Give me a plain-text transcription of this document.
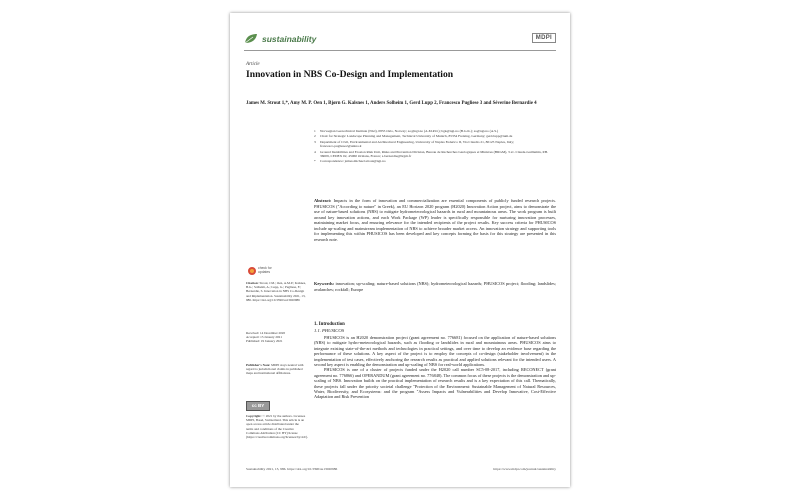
sustainability	MDPI
Article
Innovation in NBS Co-Design and Implementation
James M. Strout 1,*, Amy M. P. Oen 1, Bjørn G. Kalsnes 1, Anders Solheim 1, Gerd Lupp 2, Francesco Pugliese 3 and Séverine Bernardie 4
1	Norwegian Geotechnical Institute (NGI), 0855 Oslo, Norway; ao@ngi.no (A.M.P.O.); bgk@ngi.no (B.G.K.); as@ngi.no (A.S.)
2	Chair for Strategic Landscape Planning and Management, Technical University of Munich, 85354 Freising, Germany; gerd.lupp@tum.de
3	Department of Civil, Environmental and Architectural Engineering, University of Naples Federico II, Via Claudio 21, 80125 Naples, Italy; francesco.pugliese2@unina.it
4	Ground Instabilities and Erosion Risk Unit, Risks and Prevention Division, Bureau de Recherches Géologiques et Minières (BRGM), 3 av. Claude-Guillemin, P.B. 36009, CEDEX 02, 45060 Orléans, France; s.bernardie@brgm.fr
*	Correspondence: james.michael.strout@ngi.no
Abstract: Impacts in the form of innovation and commercialization are essential components of publicly funded research projects. PHUSICOS ("According to nature" in Greek), an EU Horizon 2020 program (H2020) Innovation Action project, aims to demonstrate the use of nature-based solutions (NBS) to mitigate hydrometeorological hazards in rural and mountainous areas. The work program is built around key innovation actions, and each Work Package (WP) leader is specifically responsible for nurturing innovation processes, maintaining market focus, and ensuring relevance for the intended recipients of the project results. Key success criteria for PHUSICOS include up-scaling and mainstream implementation of NBS to achieve broader market access. An innovation strategy and supporting tools for implementing this within PHUSICOS has been developed and key concepts forming the basis for this strategy are presented in this research note.
Keywords: innovation; up-scaling; nature-based solutions (NBS); hydrometeorological hazards; PHUSICOS project; flooding; landslides; avalanches; rockfall; Europe
check for updates
Citation: Strout, J.M.; Oen, A.M.P.; Kalsnes, B.G.; Solheim, A.; Lupp, G.; Pugliese, F.; Bernardie, S. Innovation in NBS Co-Design and Implementation. Sustainability 2021, 13, 986. https://doi.org/10.3390/su13020986
Received: 14 December 2020
Accepted: 15 January 2021
Published: 19 January 2021
Publisher's Note: MDPI stays neutral with regard to jurisdictional claims in published maps and institutional affiliations.
cc BY
Copyright: © 2021 by the authors. Licensee MDPI, Basel, Switzerland. This article is an open access article distributed under the terms and conditions of the Creative Commons Attribution (CC BY) license (https://creativecommons.org/licenses/by/4.0/).
1. Introduction
1.1. PHUSICOS

PHUSICOS is an H2020 demonstration project (grant agreement no. 776681) focused on the application of nature-based solutions (NBS) to mitigate hydro-meteorological hazards, such as flooding or landslides in rural and mountainous areas. PHUSICOS aims to integrate existing state-of-the-art methods and technologies in practical settings, and over time to develop an evidence base regarding the performance of these solutions. A key aspect of the project is to employ the concepts of co-design (stakeholder involvement) in the implementation of test cases, effectively anchoring the research results as practical and applied solutions relevant for the intended users. A second key aspect is enabling the demonstration and up-scaling of NBS for real-world applications.

PHUSICOS is one of a cluster of projects funded under the H2020 call number SC5-08-2017, including RECONECT (grant agreement no. 776866) and OPERANDUM (grant agreement no. 776848). The common focus of these projects is the demonstration and up-scaling of NBS. Innovation builds on the practical implementation of research results and is a key expectation of this call. Thematically, these projects fall under the priority societal challenge "Protection of the Environment: Sustainable Management of Natural Resources, Water, Biodiversity, and Ecosystems: and the program "Assess Impacts and Vulnerabilities and Develop Innovative, Cost-Effective Adaptation and Risk Prevention

Sustainability 2021, 13, 986. https://doi.org/10.3390/su13020986	https://www.mdpi.com/journal/sustainability
